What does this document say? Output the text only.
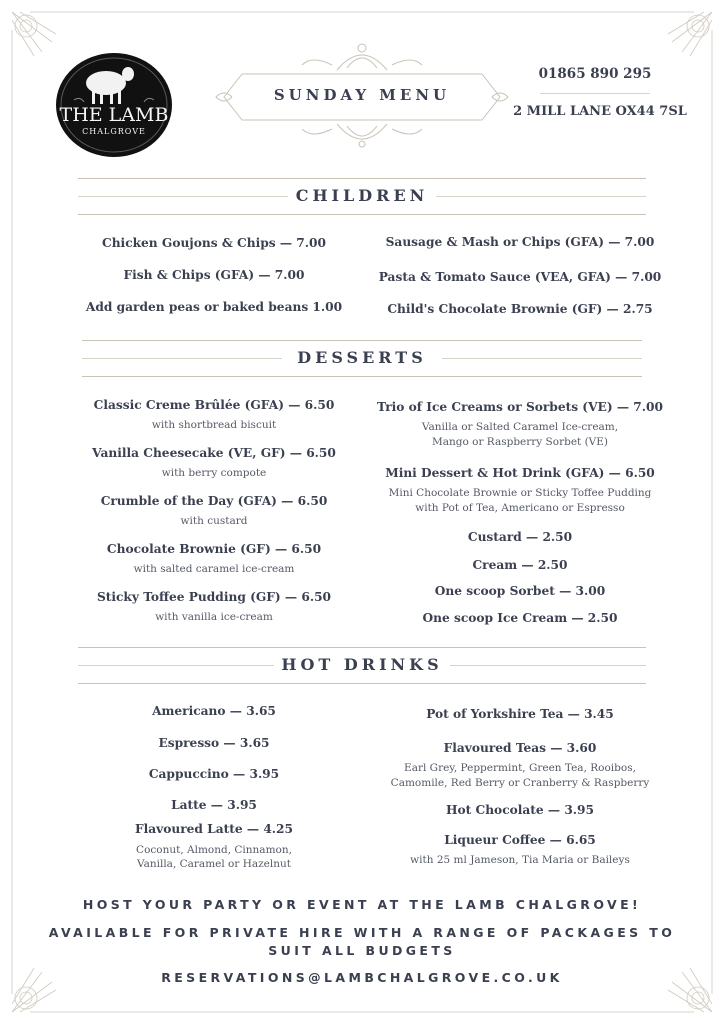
THE LAMB
CHALGROVE
SUNDAY MENU
01865 890 295
2 MILL LANE OX44 7SL
CHILDREN
Chicken Goujons & Chips — 7.00
Fish & Chips (GFA) — 7.00
Add garden peas or baked beans 1.00
Sausage & Mash or Chips (GFA) — 7.00
Pasta & Tomato Sauce (VEA, GFA) — 7.00
Child's Chocolate Brownie (GF) — 2.75
DESSERTS
Classic Creme Brûlée (GFA) — 6.50
with shortbread biscuit
Vanilla Cheesecake (VE, GF) — 6.50
with berry compote
Crumble of the Day (GFA) — 6.50
with custard
Chocolate Brownie (GF) — 6.50
with salted caramel ice-cream
Sticky Toffee Pudding (GF) — 6.50
with vanilla ice-cream
Trio of Ice Creams or Sorbets (VE) — 7.00
Vanilla or Salted Caramel Ice-cream,
Mango or Raspberry Sorbet (VE)
Mini Dessert & Hot Drink (GFA) — 6.50
Mini Chocolate Brownie or Sticky Toffee Pudding
with Pot of Tea, Americano or Espresso
Custard — 2.50
Cream — 2.50
One scoop Sorbet — 3.00
One scoop Ice Cream — 2.50
HOT DRINKS
Americano — 3.65
Espresso — 3.65
Cappuccino — 3.95
Latte — 3.95
Flavoured Latte — 4.25
Coconut, Almond, Cinnamon,
Vanilla, Caramel or Hazelnut
Pot of Yorkshire Tea — 3.45
Flavoured Teas — 3.60
Earl Grey, Peppermint, Green Tea, Rooibos,
Camomile, Red Berry or Cranberry & Raspberry
Hot Chocolate — 3.95
Liqueur Coffee — 6.65
with 25 ml Jameson, Tia Maria or Baileys
HOST YOUR PARTY OR EVENT AT THE LAMB CHALGROVE!
AVAILABLE FOR PRIVATE HIRE WITH A RANGE OF PACKAGES TO
SUIT ALL BUDGETS
RESERVATIONS@LAMBCHALGROVE.CO.UK
